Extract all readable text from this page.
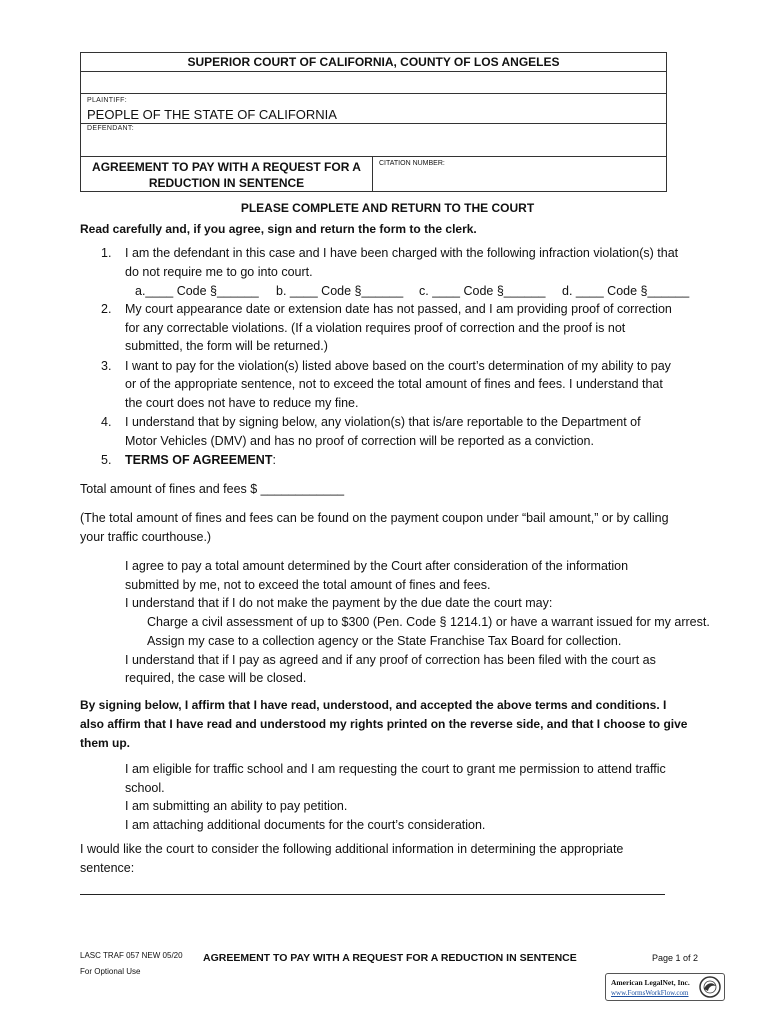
SUPERIOR COURT OF CALIFORNIA, COUNTY OF LOS ANGELES
PLAINTIFF:
PEOPLE OF THE STATE OF CALIFORNIA
DEFENDANT:
AGREEMENT TO PAY WITH A REQUEST FOR A
REDUCTION IN SENTENCE
CITATION NUMBER:
PLEASE COMPLETE AND RETURN TO THE COURT
Read carefully and, if you agree, sign and return the form to the clerk.
1. I am the defendant in this case and I have been charged with the following infraction violation(s) that
do not require me to go into court.
a.____ Code §______ b. ____ Code §______ c. ____ Code §______ d. ____ Code §______
2. My court appearance date or extension date has not passed, and I am providing proof of correction
for any correctable violations. (If a violation requires proof of correction and the proof is not
submitted, the form will be returned.)
3. I want to pay for the violation(s) listed above based on the court’s determination of my ability to pay
or of the appropriate sentence, not to exceed the total amount of fines and fees. I understand that
the court does not have to reduce my fine.
4. I understand that by signing below, any violation(s) that is/are reportable to the Department of
Motor Vehicles (DMV) and has no proof of correction will be reported as a conviction.
5. TERMS OF AGREEMENT:
Total amount of fines and fees $ ____________
(The total amount of fines and fees can be found on the payment coupon under “bail amount,” or by calling
your traffic courthouse.)
I agree to pay a total amount determined by the Court after consideration of the information
submitted by me, not to exceed the total amount of fines and fees.
I understand that if I do not make the payment by the due date the court may:
Charge a civil assessment of up to $300 (Pen. Code § 1214.1) or have a warrant issued for my arrest.
Assign my case to a collection agency or the State Franchise Tax Board for collection.
I understand that if I pay as agreed and if any proof of correction has been filed with the court as
required, the case will be closed.
By signing below, I affirm that I have read, understood, and accepted the above terms and conditions. I
also affirm that I have read and understood my rights printed on the reverse side, and that I choose to give
them up.
I am eligible for traffic school and I am requesting the court to grant me permission to attend traffic
school.
I am submitting an ability to pay petition.
I am attaching additional documents for the court’s consideration.
I would like the court to consider the following additional information in determining the appropriate
sentence:
LASC TRAF 057 NEW 05/20
For Optional Use
AGREEMENT TO PAY WITH A REQUEST FOR A REDUCTION IN SENTENCE	Page 1 of 2
American LegalNet, Inc.
www.FormsWorkFlow.com
